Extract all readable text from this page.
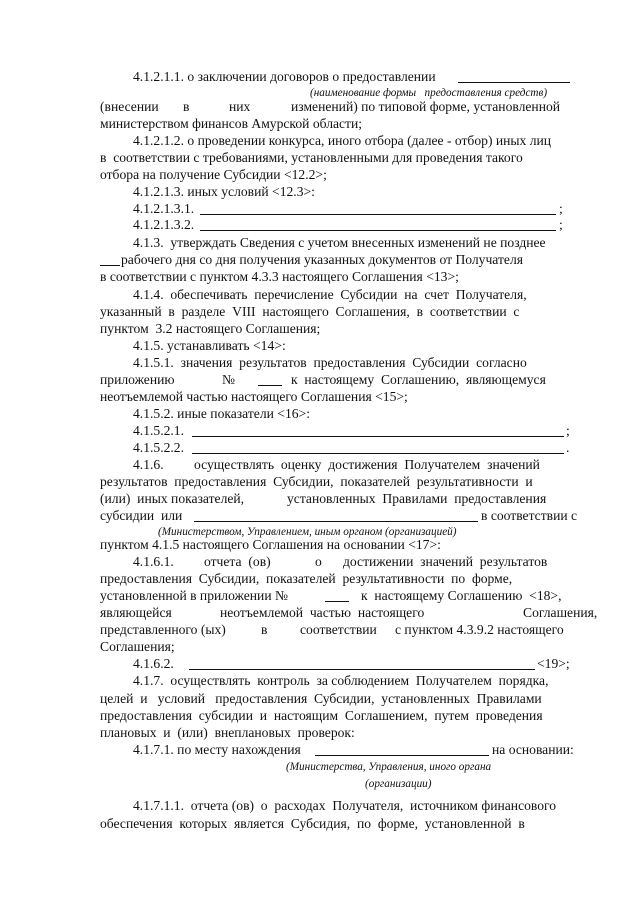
4.1.2.1.1. о заключении договоров о предоставлении
(наименование формы   предоставления средств)
(внесении в	них	изменений) по типовой форме, установленной
министерством финансов Амурской области;
4.1.2.1.2. о проведении конкурса, иного отбора (далее - отбор) иных лиц
в  соответствии с требованиями, установленными для проведения такого
отбора на получение Субсидии <12.2>;
4.1.2.1.3. иных условий <12.3>:
4.1.2.1.3.1.	;
4.1.2.1.3.2.	;
4.1.3.  утверждать Сведения с учетом внесенных изменений не позднее
рабочего дня со дня получения указанных документов от Получателя
в соответствии с пунктом 4.3.3 настоящего Соглашения <13>;
4.1.4.  обеспечивать  перечисление  Субсидии  на  счет  Получателя,
указанный  в  разделе  VIII  настоящего  Соглашения,  в  соответствии  с
пунктом  3.2 настоящего Соглашения;
4.1.5. устанавливать <14>:
4.1.5.1.  значения  результатов  предоставления  Субсидии  согласно
приложению	№	к  настоящему  Соглашению,  являющемуся
неотъемлемой частью настоящего Соглашения <15>;
4.1.5.2. иные показатели <16>:
4.1.5.2.1.	;
4.1.5.2.2.	.
4.1.6. осуществлять  оценку  достижения  Получателем  значений
результатов  предоставления  Субсидии,  показателей  результативности  и
(или)  иных показателей,	установленных  Правилами  предоставления
субсидии  или	в соответствии с
(Министерством, Управлением, иным органом (организацией)
пунктом 4.1.5 настоящего Соглашения на основании <17>:
4.1.6.1. отчета  (ов)	о достижении  значений  результатов
предоставления  Субсидии,  показателей  результативности  по  форме,
установленной в приложении №	к  настоящему Соглашению  <18>,
являющейся	неотъемлемой  частью  настоящего	Соглашения,
представленного (ых)	в соответствии с пунктом 4.3.9.2 настоящего
Соглашения;
4.1.6.2.	<19>;
4.1.7.  осуществлять  контроль  за соблюдением  Получателем  порядка,
целей  и   условий   предоставления  Субсидии,  установленных  Правилами
предоставления  субсидии  и  настоящим  Соглашением,  путем  проведения
плановых  и  (или)  внеплановых  проверок:
4.1.7.1. по месту нахождения	на основании:
(Министерства, Управления, иного органа
(организации)
4.1.7.1.1.  отчета (ов)  о  расходах  Получателя,  источником финансового
обеспечения  которых  является  Субсидия,  по  форме,  установленной  в
